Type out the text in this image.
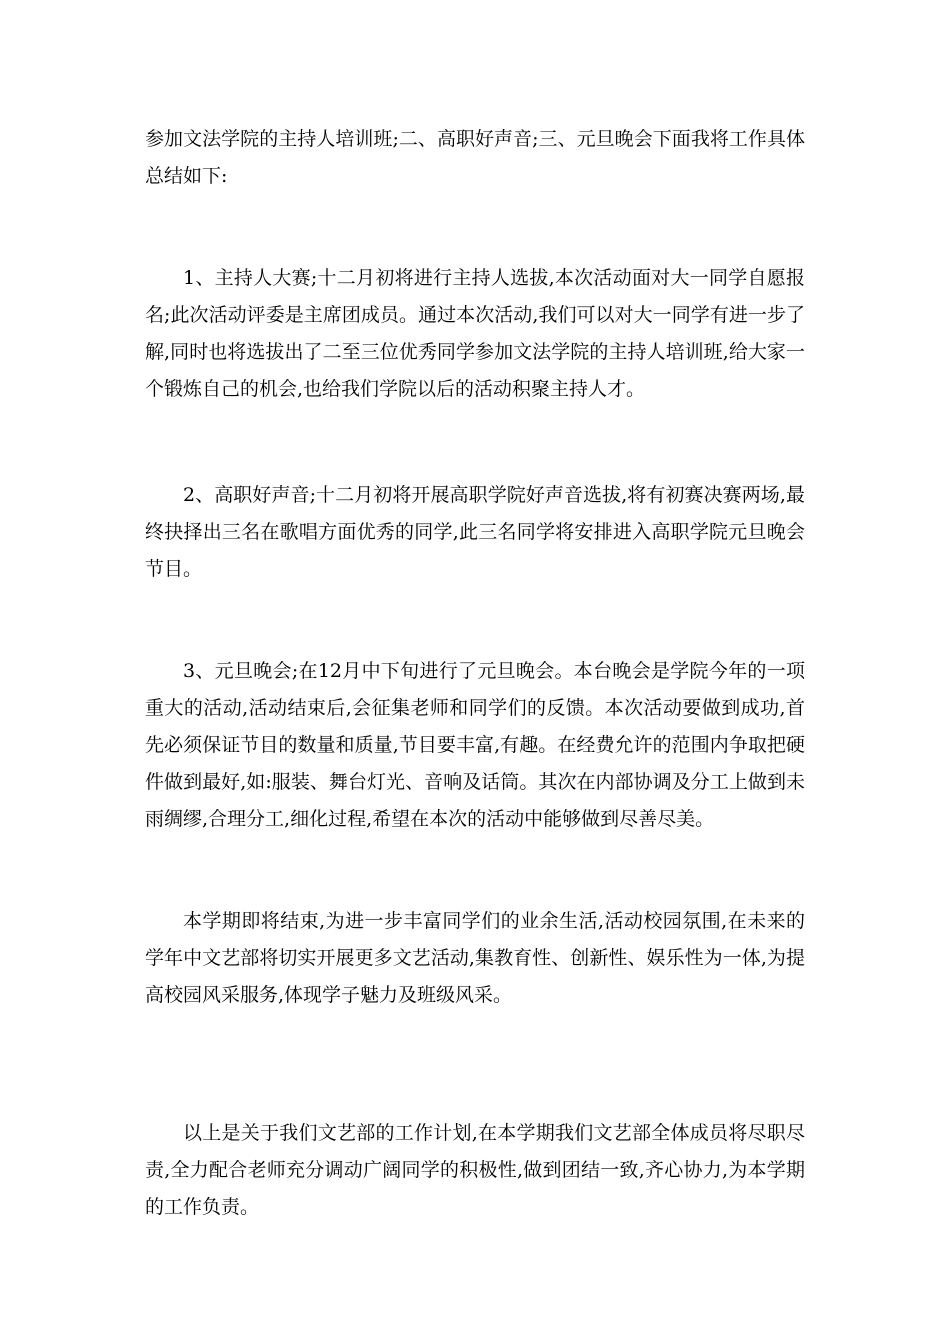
参加文法学院的主持人培训班;二、高职好声音;三、元旦晚会下面我将工作具体总结如下:

1、主持人大赛;十二月初将进行主持人选拔,本次活动面对大一同学自愿报名;此次活动评委是主席团成员。通过本次活动,我们可以对大一同学有进一步了解,同时也将选拔出了二至三位优秀同学参加文法学院的主持人培训班,给大家一个锻炼自己的机会,也给我们学院以后的活动积聚主持人才。

2、高职好声音;十二月初将开展高职学院好声音选拔,将有初赛决赛两场,最终抉择出三名在歌唱方面优秀的同学,此三名同学将安排进入高职学院元旦晚会节目。

3、元旦晚会;在12月中下旬进行了元旦晚会。本台晚会是学院今年的一项重大的活动,活动结束后,会征集老师和同学们的反馈。本次活动要做到成功,首先必须保证节目的数量和质量,节目要丰富,有趣。在经费允许的范围内争取把硬件做到最好,如:服装、舞台灯光、音响及话筒。其次在内部协调及分工上做到未雨绸缪,合理分工,细化过程,希望在本次的活动中能够做到尽善尽美。

本学期即将结束,为进一步丰富同学们的业余生活,活动校园氛围,在未来的学年中文艺部将切实开展更多文艺活动,集教育性、创新性、娱乐性为一体,为提高校园风采服务,体现学子魅力及班级风采。

以上是关于我们文艺部的工作计划,在本学期我们文艺部全体成员将尽职尽责,全力配合老师充分调动广阔同学的积极性,做到团结一致,齐心协力,为本学期的工作负责。
